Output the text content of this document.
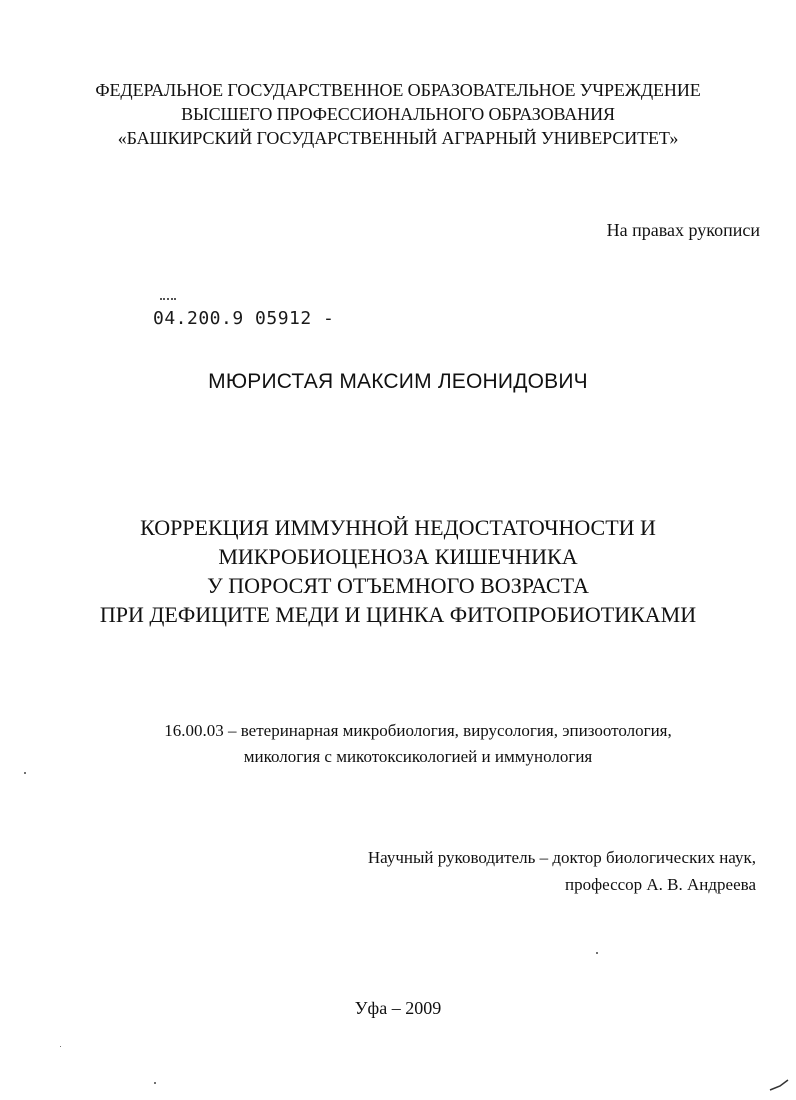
ФЕДЕРАЛЬНОЕ ГОСУДАРСТВЕННОЕ ОБРАЗОВАТЕЛЬНОЕ УЧРЕЖДЕНИЕ
ВЫСШЕГО ПРОФЕССИОНАЛЬНОГО ОБРАЗОВАНИЯ
«БАШКИРСКИЙ ГОСУДАРСТВЕННЫЙ АГРАРНЫЙ УНИВЕРСИТЕТ»
На правах рукописи
04.200.9 05912 -
МЮРИСТАЯ МАКСИМ ЛЕОНИДОВИЧ
КОРРЕКЦИЯ ИММУННОЙ НЕДОСТАТОЧНОСТИ И
МИКРОБИОЦЕНОЗА КИШЕЧНИКА
У ПОРОСЯТ ОТЪЕМНОГО ВОЗРАСТА
ПРИ ДЕФИЦИТЕ МЕДИ И ЦИНКА ФИТОПРОБИОТИКАМИ
16.00.03 – ветеринарная микробиология, вирусология, эпизоотология,
микология с микотоксикологией и иммунология
Научный руководитель – доктор биологических наук,
профессор А. В. Андреева
Уфа – 2009
